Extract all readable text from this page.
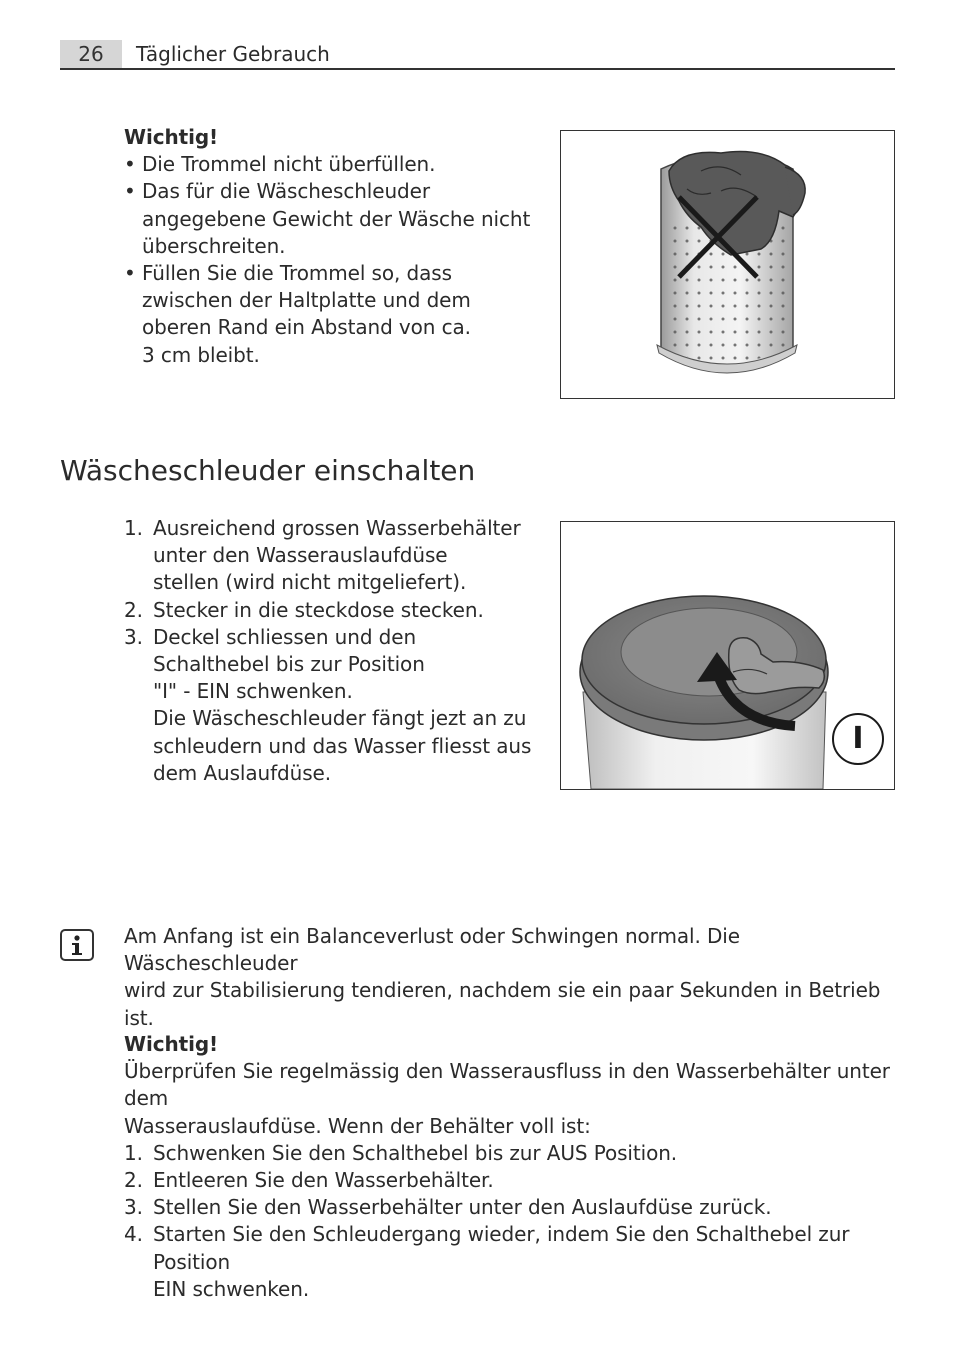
26	Täglicher Gebrauch
Wichtig!
• Die Trommel nicht überfüllen.
• Das für die Wäscheschleuder
angegebene Gewicht der Wäsche nicht
überschreiten.
• Füllen Sie die Trommel so, dass
zwischen der Haltplatte und dem
oberen Rand ein Abstand von ca.
3 cm bleibt.
Wäscheschleuder einschalten
1. Ausreichend grossen Wasserbehälter
unter den Wasserauslaufdüse
stellen (wird nicht mitgeliefert).
2. Stecker in die steckdose stecken.
3. Deckel schliessen und den
Schalthebel bis zur Position
"I" - EIN schwenken.
Die Wäscheschleuder fängt jezt an zu
schleudern und das Wasser fliesst aus
dem Auslaufdüse.
I
Am Anfang ist ein Balanceverlust oder Schwingen normal. Die Wäscheschleuder
wird zur Stabilisierung tendieren, nachdem sie ein paar Sekunden in Betrieb ist.
Wichtig!
Überprüfen Sie regelmässig den Wasserausfluss in den Wasserbehälter unter dem
Wasserauslaufdüse. Wenn der Behälter voll ist:
1. Schwenken Sie den Schalthebel bis zur AUS Position.
2. Entleeren Sie den Wasserbehälter.
3. Stellen Sie den Wasserbehälter unter den Auslaufdüse zurück.
4. Starten Sie den Schleudergang wieder, indem Sie den Schalthebel zur Position
EIN schwenken.
